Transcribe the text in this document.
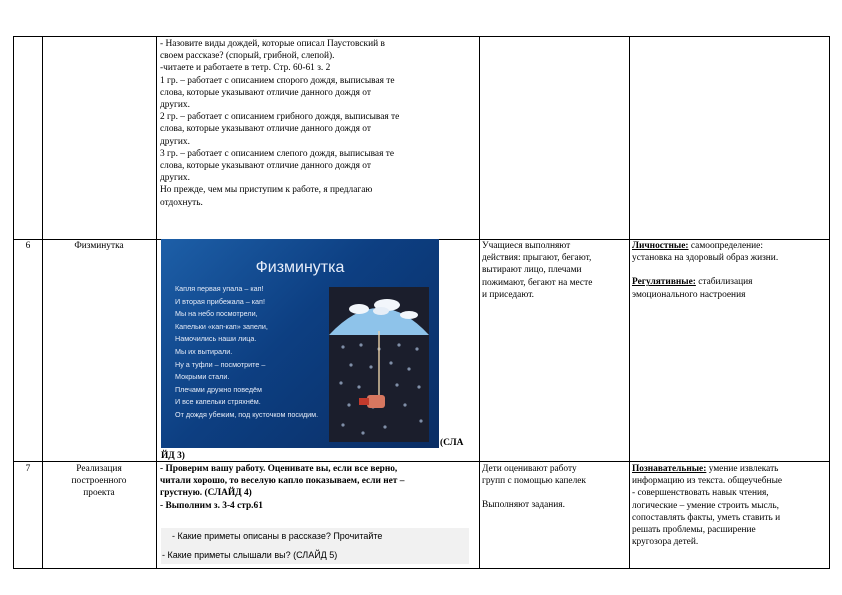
- Назовите виды дождей, которые описал Паустовский в
своем рассказе? (спорый, грибной, слепой).
-читаете и работаете в тетр. Стр. 60-61 з. 2
1 гр. – работает с описанием спорого дождя, выписывая те
слова, которые указывают отличие данного дождя от
других.
2 гр. – работает с описанием грибного дождя, выписывая те
слова, которые указывают отличие данного дождя от
других.
3 гр. – работает с описанием слепого дождя, выписывая те
слова, которые указывают отличие данного дождя от
других.
Но прежде, чем мы приступим к работе, я предлагаю
отдохнуть.
6	Физминутка
Физминутка
Капля первая упала – кап!
И вторая прибежала – кап!
Мы на небо посмотрели,
Капельки «кап-кап» запели,
Намочились наши лица.
Мы их вытирали.
Ну а туфли – посмотрите –
Мокрыми стали.
Плечами дружно поведём
И все капельки стряхнём.
От дождя убежим, под кусточком посидим.
(СЛА
ЙД 3)
Учащиеся выполняют
действия: прыгают, бегают,
вытирают лицо, плечами
пожимают, бегают на месте
и приседают.
Личностные: самоопределение:
установка на здоровый образ жизни.
Регулятивные: стабилизация
эмоционального настроения
7	Реализация
построенного
проекта
- Проверим вашу работу. Оценивате вы, если все верно,
читали хорошо, то веселую капло показываем, если нет –
грустную. (СЛАЙД 4)
- Выполним з. 3-4 стр.61
- Какие приметы описаны в рассказе? Прочитайте
- Какие приметы слышали вы? (СЛАЙД 5)
Дети оценивают работу
групп с помощью капелек
Выполняют задания.
Познавательные: умение извлекать
информацию из текста. общеучебные
- совершенствовать навык чтения,
логические – умение строить мысль,
сопоставлять факты, уметь ставить и
решать проблемы, расширение
кругозора детей.
